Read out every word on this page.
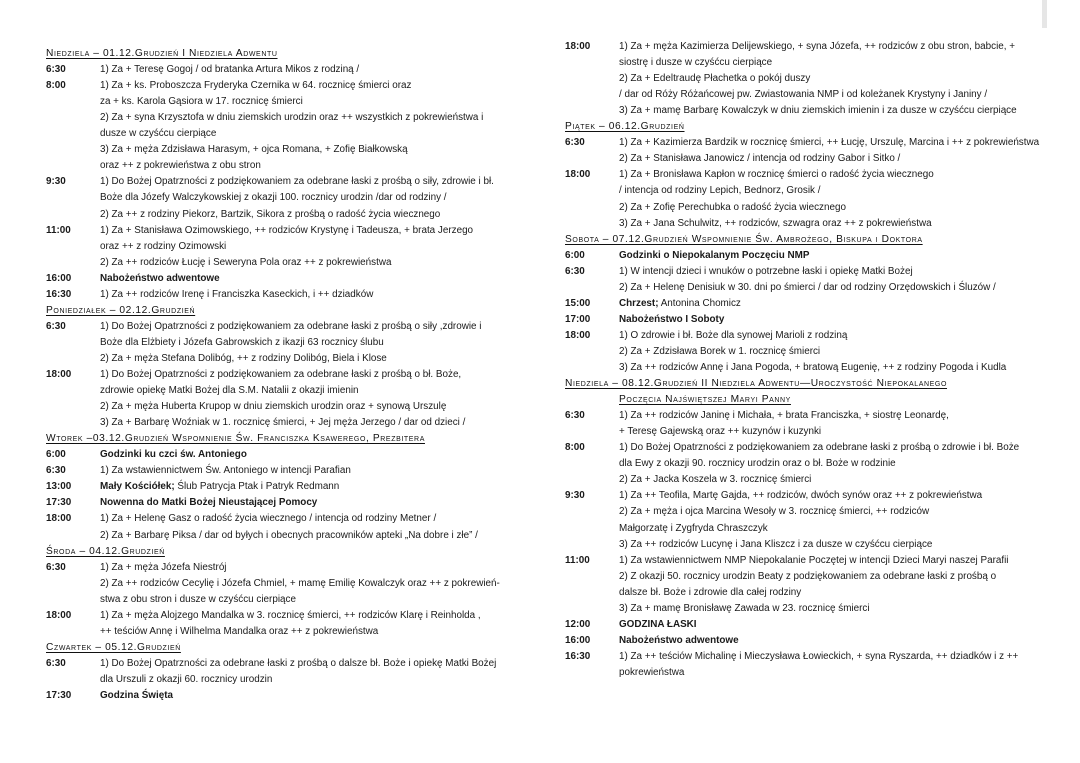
Niedziela – 01.12.Grudzień I Niedziela Adwentu
6:30	1) Za + Teresę Gogoj / od bratanka Artura Mikos z rodziną /
8:00	1) Za + ks. Proboszcza Fryderyka Czernika w 64. rocznicę śmierci oraz
za + ks. Karola Gąsiora w 17. rocznicę śmierci
2) Za + syna Krzysztofa w dniu ziemskich urodzin oraz ++ wszystkich z pokrewieństwa i
dusze w czyśćcu cierpiące
3) Za + męża Zdzisława Harasym, + ojca Romana, + Zofię Białkowską
oraz ++ z pokrewieństwa z obu stron
9:30	1) Do Bożej Opatrzności z podziękowaniem za odebrane łaski z prośbą o siły, zdrowie i bł.
Boże dla Józefy Walczykowskiej z okazji 100. rocznicy urodzin /dar od rodziny /
2) Za ++ z rodziny Piekorz, Bartzik, Sikora z prośbą o radość życia wiecznego
11:00	1) Za + Stanisława Ozimowskiego, ++ rodziców Krystynę i Tadeusza, + brata Jerzego
oraz ++ z rodziny Ozimowski
2) Za ++ rodziców Łucję i Seweryna Pola oraz ++ z pokrewieństwa
16:00	Nabożeństwo adwentowe
16:30	1) Za ++ rodziców Irenę i Franciszka Kaseckich, i ++ dziadków
Poniedziałek – 02.12.Grudzień
6:30	1) Do Bożej Opatrzności z podziękowaniem za odebrane łaski z prośbą o siły ,zdrowie i
Boże dla Elżbiety i Józefa Gabrowskich z ikazji 63 rocznicy ślubu
2) Za + męża Stefana Dolibóg, ++ z rodziny Dolibóg, Biela i Klose
18:00	1) Do Bożej Opatrzności z podziękowaniem za odebrane łaski z prośbą o bł. Boże,
zdrowie opiekę Matki Bożej dla S.M. Natalii z okazji imienin
2) Za + męża Huberta Krupop w dniu ziemskich urodzin oraz + synową Urszulę
3) Za + Barbarę Woźniak w 1. rocznicę śmierci, + Jej męża Jerzego / dar od dzieci /
Wtorek –03.12.Grudzień Wspomnienie Św. Franciszka Ksawerego, Prezbitera
6:00	Godzinki ku czci św. Antoniego
6:30	1) Za wstawiennictwem Św. Antoniego w intencji Parafian
13:00	Mały Kościółek; Ślub Patrycja Ptak i Patryk Redmann
17:30	Nowenna do Matki Bożej Nieustającej Pomocy
18:00	1) Za + Helenę Gasz o radość życia wiecznego / intencja od rodziny Metner /
2) Za + Barbarę Piksa / dar od byłych i obecnych pracowników apteki „Na dobre i złe” /
Środa – 04.12.Grudzień
6:30	1) Za + męża Józefa Niestrój
2) Za ++ rodziców Cecylię i Józefa Chmiel, + mamę Emilię Kowalczyk oraz ++ z pokrewień-
stwa z obu stron i dusze w czyśćcu cierpiące
18:00	1) Za + męża Alojzego Mandalka w 3. rocznicę śmierci, ++ rodziców Klarę i Reinholda ,
++ teściów Annę i Wilhelma Mandalka oraz ++ z pokrewieństwa
Czwartek – 05.12.Grudzień
6:30	1) Do Bożej Opatrzności za odebrane łaski z prośbą o dalsze bł. Boże i opiekę Matki Bożej
dla Urszuli z okazji 60. rocznicy urodzin
17:30	Godzina Święta
18:00	1) Za + męża Kazimierza Delijewskiego, + syna Józefa, ++ rodziców z obu stron, babcie, +
siostrę i dusze w czyśćcu cierpiące
2) Za + Edeltraudę Płachetka o pokój duszy
/ dar od Róży Różańcowej pw. Zwiastowania NMP i od koleżanek Krystyny i Janiny /
3) Za + mamę Barbarę Kowalczyk w dniu ziemskich imienin i za dusze w czyśćcu cierpiące
Piątek – 06.12.Grudzień
6:30	1) Za + Kazimierza Bardzik w rocznicę śmierci, ++ Łucję, Urszulę, Marcina i ++ z pokrewieństwa
2) Za + Stanisława Janowicz / intencja od rodziny Gabor i Sitko /
18:00	1) Za + Bronisława Kapłon w rocznicę śmierci o radość życia wiecznego
/ intencja od rodziny Lepich, Bednorz, Grosik /
2) Za + Zofię Perechubka o radość życia wiecznego
3) Za + Jana Schulwitz, ++ rodziców, szwagra oraz ++ z pokrewieństwa
Sobota – 07.12.Grudzień Wspomnienie Św. Ambrożego, Biskupa i Doktora
6:00	Godzinki o Niepokalanym Poczęciu NMP
6:30	1) W intencji dzieci i wnuków o potrzebne łaski i opiekę Matki Bożej
2) Za + Helenę Denisiuk w 30. dni po śmierci / dar od rodziny Orzędowskich i Śluzów /
15:00	Chrzest; Antonina Chomicz
17:00	Nabożeństwo I Soboty
18:00	1) O zdrowie i bł. Boże dla synowej Marioli z rodziną
2) Za + Zdzisława Borek w 1. rocznicę śmierci
3) Za ++ rodziców Annę i Jana Pogoda, + bratową Eugenię, ++ z rodziny Pogoda i Kudla
Niedziela – 08.12.Grudzień II Niedziela Adwentu—Uroczystość Niepokalanego
Poczęcia Najświętszej Maryi Panny
6:30	1) Za ++ rodziców Janinę i Michała, + brata Franciszka, + siostrę Leonardę,
+ Teresę Gajewską oraz ++ kuzynów i kuzynki
8:00	1) Do Bożej Opatrzności z podziękowaniem za odebrane łaski z prośbą o zdrowie i bł. Boże
dla Ewy z okazji 90. rocznicy urodzin oraz o bł. Boże w rodzinie
2) Za + Jacka Koszela w 3. rocznicę śmierci
9:30	1) Za ++ Teofila, Martę Gajda, ++ rodziców, dwóch synów oraz ++ z pokrewieństwa
2) Za + męża i ojca Marcina Wesoły w 3. rocznicę śmierci, ++ rodziców
Małgorzatę i Zygfryda Chraszczyk
3) Za ++ rodziców Lucynę i Jana Kliszcz i za dusze w czyśćcu cierpiące
11:00	1) Za wstawiennictwem NMP Niepokalanie Poczętej w intencji Dzieci Maryi naszej Parafii
2) Z okazji 50. rocznicy urodzin Beaty z podziękowaniem za odebrane łaski z prośbą o
dalsze bł. Boże i zdrowie dla całej rodziny
3) Za + mamę Bronisławę Zawada w 23. rocznicę śmierci
12:00	GODZINA ŁASKI
16:00	Nabożeństwo adwentowe
16:30	1) Za ++ teściów Michalinę i Mieczysława Łowieckich, + syna Ryszarda, ++ dziadków i z ++
pokrewieństwa
